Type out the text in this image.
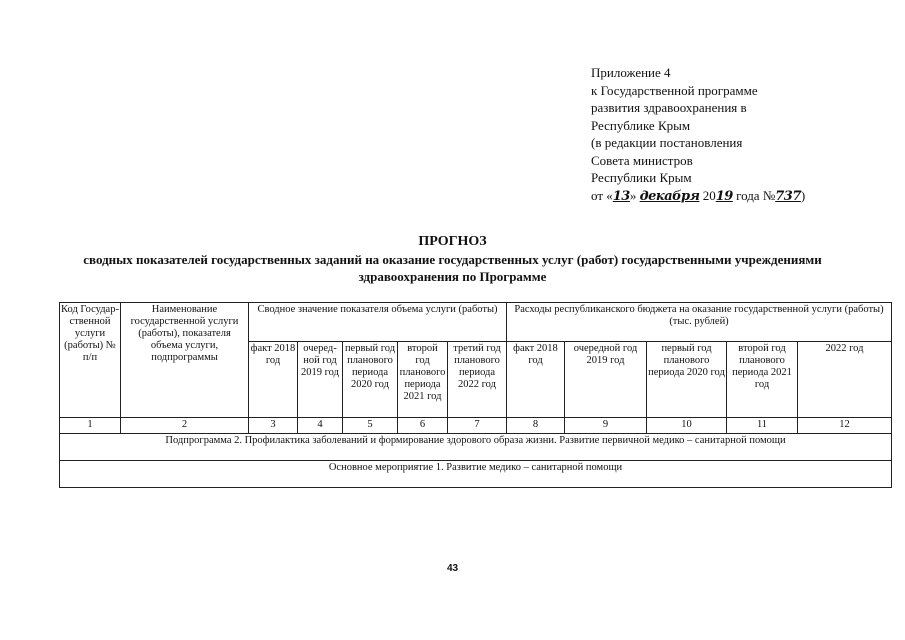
Приложение 4
к Государственной программе
развития здравоохранения в
Республике Крым
(в редакции постановления
Совета министров
Республики Крым
от «13» декабря 2019 года №737)
ПРОГНОЗ
сводных показателей государственных заданий на оказание государственных услуг (работ) государственными учреждениями здравоохранения по Программе
Код Государ-ственной услуги (работы) № п/п	Наименование государственной услуги (работы), показателя объема услуги, подпрограммы	Сводное значение показателя объема услуги (работы)					Расходы республиканского бюджета на оказание государственной услуги (работы) (тыс. рублей)				
		факт 2018 год	очеред-ной год 2019 год	первый год планового периода 2020 год	второй год планового периода 2021 год	третий год планового периода 2022 год	факт 2018 год	очередной год 2019 год	первый год планового периода 2020 год	второй год планового периода 2021 год	2022 год
1	2	3	4	5	6	7	8	9	10	11	12
Подпрограмма 2. Профилактика заболеваний и формирование здорового образа жизни. Развитие первичной медико – санитарной помощи											
Основное мероприятие 1. Развитие медико – санитарной помощи											
43
